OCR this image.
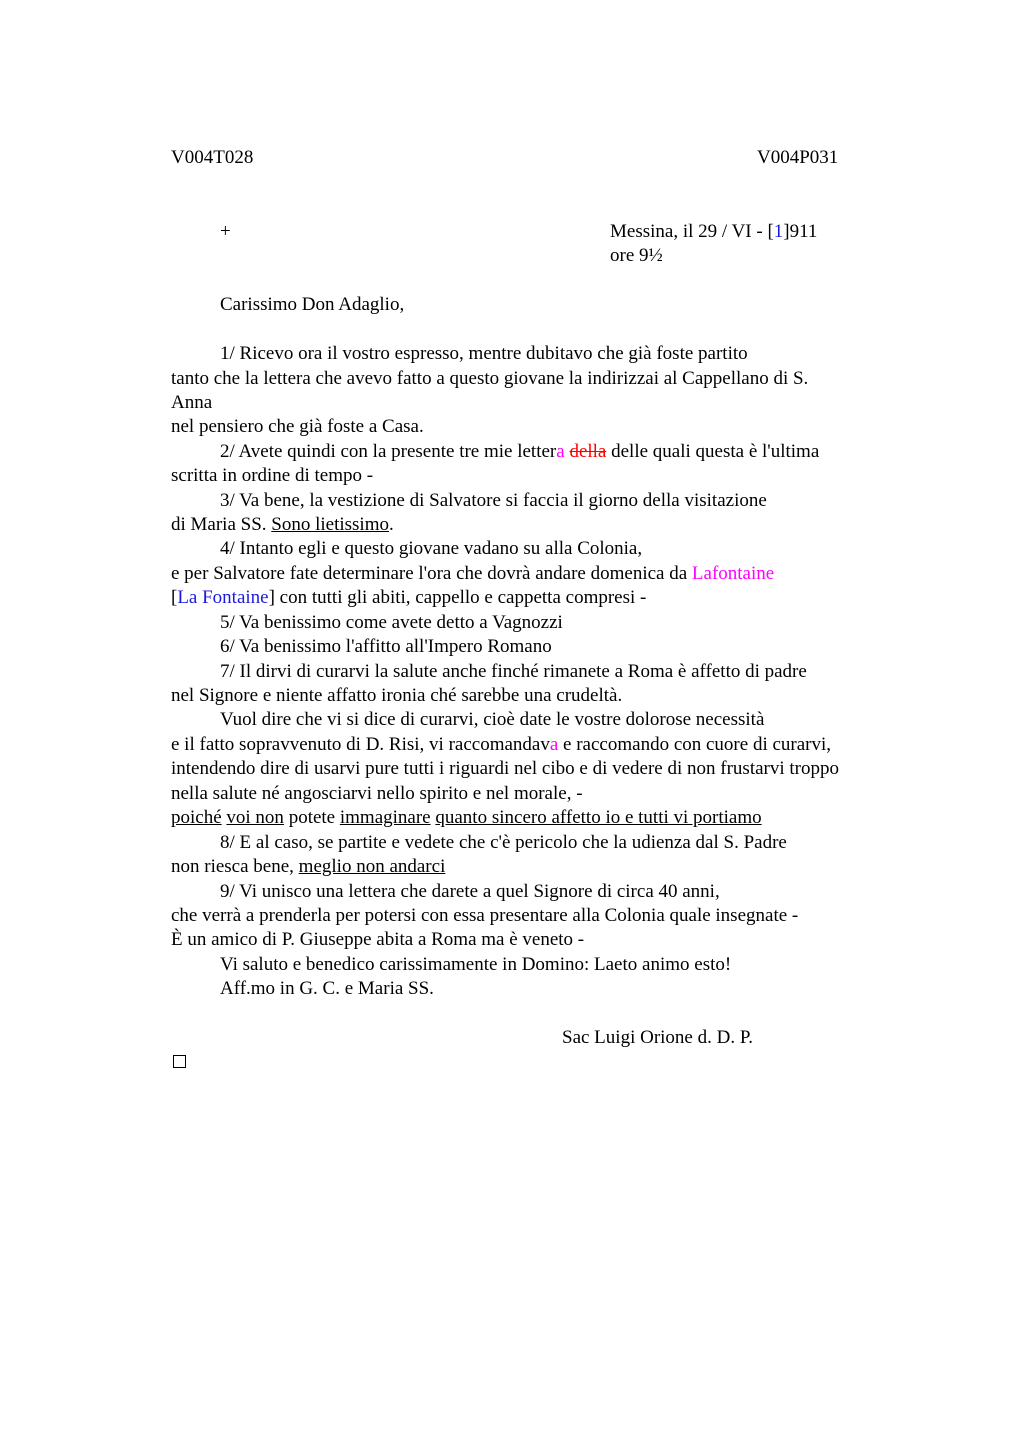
V004T028	V004P031
+	Messina, il 29 / VI - [1]911
ore 9½
Carissimo Don Adaglio,
1/ Ricevo ora il vostro espresso, mentre dubitavo che già foste partito
tanto che la lettera che avevo fatto a questo giovane la indirizzai al Cappellano di S.
Anna
nel pensiero che già foste a Casa.
2/ Avete quindi con la presente tre mie lettera della delle quali questa è l'ultima
scritta in ordine di tempo -
3/ Va bene, la vestizione di Salvatore si faccia il giorno della visitazione
di Maria SS. Sono lietissimo.
4/ Intanto egli e questo giovane vadano su alla Colonia,
e per Salvatore fate determinare l'ora che dovrà andare domenica da Lafontaine
[La Fontaine] con tutti gli abiti, cappello e cappetta compresi -
5/ Va benissimo come avete detto a Vagnozzi
6/ Va benissimo l'affitto all'Impero Romano
7/ Il dirvi di curarvi la salute anche finché rimanete a Roma è affetto di padre
nel Signore e niente affatto ironia ché sarebbe una crudeltà.
Vuol dire che vi si dice di curarvi, cioè date le vostre dolorose necessità
e il fatto sopravvenuto di D. Risi, vi raccomandava e raccomando con cuore di curarvi,
intendendo dire di usarvi pure tutti i riguardi nel cibo e di vedere di non frustarvi troppo
nella salute né angosciarvi nello spirito e nel morale, -
poiché voi non potete immaginare quanto sincero affetto io e tutti vi portiamo
8/ E al caso, se partite e vedete che c'è pericolo che la udienza dal S. Padre
non riesca bene, meglio non andarci
9/ Vi unisco una lettera che darete a quel Signore di circa 40 anni,
che verrà a prenderla per potersi con essa presentare alla Colonia quale insegnate -
È un amico di P. Giuseppe abita a Roma ma è veneto -
Vi saluto e benedico carissimamente in Domino: Laeto animo esto!
Aff.mo in G. C. e Maria SS.
Sac Luigi Orione d. D. P.
